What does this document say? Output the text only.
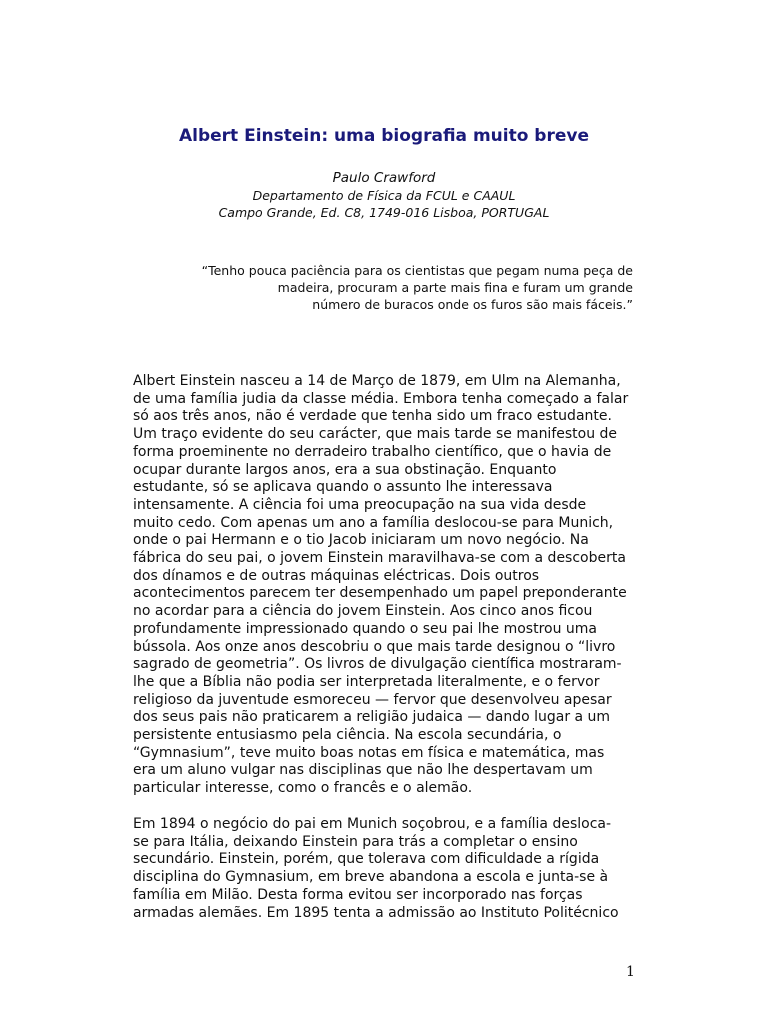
Albert Einstein: uma biografia muito breve
Paulo Crawford
Departamento de Física da FCUL e CAAUL
Campo Grande, Ed. C8, 1749-016 Lisboa, PORTUGAL
“Tenho pouca paciência para os cientistas que pegam numa peça de
madeira, procuram a parte mais fina e furam um grande
número de buracos onde os furos são mais fáceis.”
Albert Einstein nasceu a 14 de Março de 1879, em Ulm na Alemanha,
de uma família judia da classe média. Embora tenha começado a falar
só aos três anos, não é verdade que tenha sido um fraco estudante.
Um traço evidente do seu carácter, que mais tarde se manifestou de
forma proeminente no derradeiro trabalho científico, que o havia de
ocupar durante largos anos, era a sua obstinação. Enquanto
estudante, só se aplicava quando o assunto lhe interessava
intensamente. A ciência foi uma preocupação na sua vida desde
muito cedo. Com apenas um ano a família deslocou-se para Munich,
onde o pai Hermann e o tio Jacob iniciaram um novo negócio. Na
fábrica do seu pai, o jovem Einstein maravilhava-se com a descoberta
dos dínamos e de outras máquinas eléctricas. Dois outros
acontecimentos parecem ter desempenhado um papel preponderante
no acordar para a ciência do jovem Einstein. Aos cinco anos ficou
profundamente impressionado quando o seu pai lhe mostrou uma
bússola. Aos onze anos descobriu o que mais tarde designou o “livro
sagrado de geometria”. Os livros de divulgação científica mostraram-
lhe que a Bíblia não podia ser interpretada literalmente, e o fervor
religioso da juventude esmoreceu — fervor que desenvolveu apesar
dos seus pais não praticarem a religião judaica — dando lugar a um
persistente entusiasmo pela ciência. Na escola secundária, o
“Gymnasium”, teve muito boas notas em física e matemática, mas
era um aluno vulgar nas disciplinas que não lhe despertavam um
particular interesse, como o francês e o alemão.
Em 1894 o negócio do pai em Munich soçobrou, e a família desloca-
se para Itália, deixando Einstein para trás a completar o ensino
secundário. Einstein, porém, que tolerava com dificuldade a rígida
disciplina do Gymnasium, em breve abandona a escola e junta-se à
família em Milão. Desta forma evitou ser incorporado nas forças
armadas alemães. Em 1895 tenta a admissão ao Instituto Politécnico
1
